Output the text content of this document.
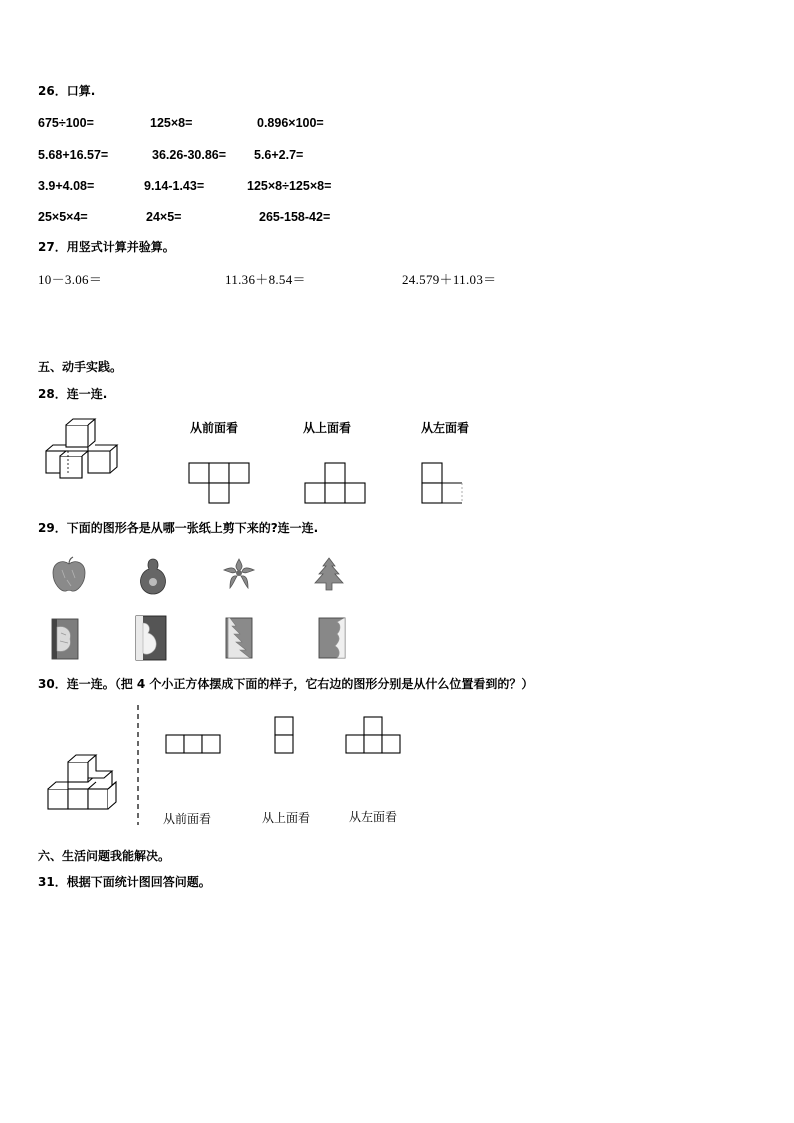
26．口算.
675÷100=	125×8=	0.896×100=
5.68+16.57=	36.26-30.86= 5.6+2.7=
3.9+4.08=	9.14-1.43=	125×8÷125×8=
25×5×4=	24×5=	265-158-42=
27．用竖式计算并验算。
10－3.06＝	11.36＋8.54＝	24.579＋11.03＝
五、动手实践。
28．连一连.
从前面看	从上面看	从左面看
29．下面的图形各是从哪一张纸上剪下来的?连一连.
30．连一连。（把 4 个小正方体摆成下面的样子，它右边的图形分别是从什么位置看到的？）
从前面看	从上面看	从左面看
六、生活问题我能解决。
31．根据下面统计图回答问题。
